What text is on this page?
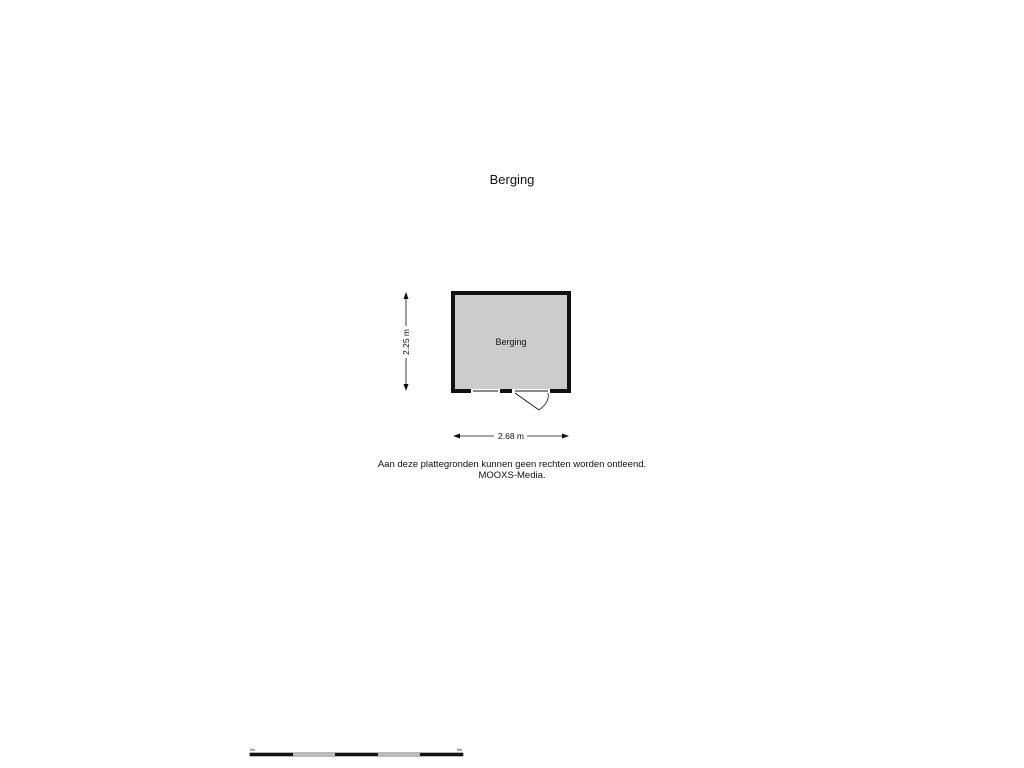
Berging
Berging
2.25 m
2.68 m
0m	5m
Aan deze plattegronden kunnen geen rechten worden ontleend.
MOOXS-Media.
